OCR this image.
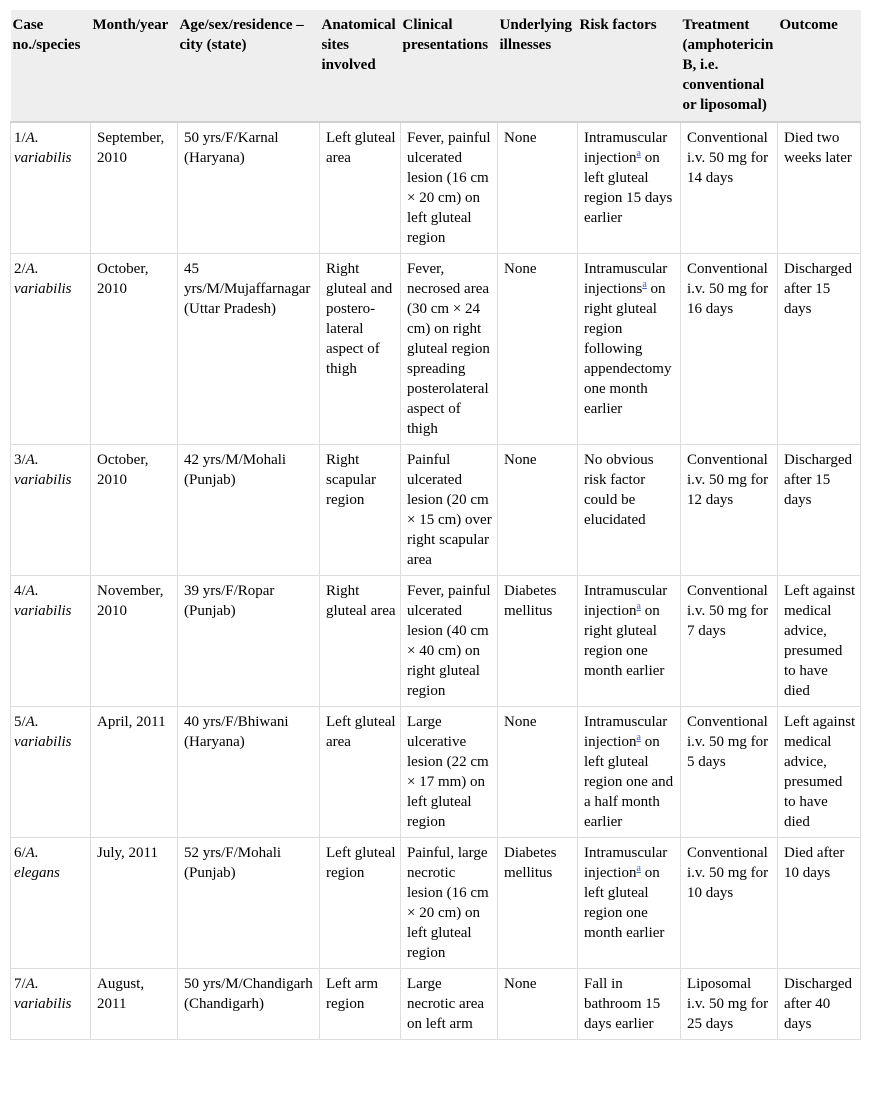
Case no./species	Month/year	Age/sex/residence – city (state)	Anatomical sites involved	Clinical presentations	Underlying illnesses	Risk factors	Treatment (amphotericin B, i.e. conventional or liposomal)	Outcome
1/A. variabilis	September, 2010	50 yrs/F/Karnal (Haryana)	Left gluteal area	Fever, painful ulcerated lesion (16 cm × 20 cm) on left gluteal region	None	Intramuscular injection$^a$ on left gluteal region 15 days earlier	Conventional i.v. 50 mg for 14 days	Died two weeks later
2/A. variabilis	October, 2010	45 yrs/M/Mujaffarnagar (Uttar Pradesh)	Right gluteal and postero-lateral aspect of thigh	Fever, necrosed area (30 cm × 24 cm) on right gluteal region spreading posterolateral aspect of thigh	None	Intramuscular injections$^a$ on right gluteal region following appendectomy one month earlier	Conventional i.v. 50 mg for 16 days	Discharged after 15 days
3/A. variabilis	October, 2010	42 yrs/M/Mohali (Punjab)	Right scapular region	Painful ulcerated lesion (20 cm × 15 cm) over right scapular area	None	No obvious risk factor could be elucidated	Conventional i.v. 50 mg for 12 days	Discharged after 15 days
4/A. variabilis	November, 2010	39 yrs/F/Ropar (Punjab)	Right gluteal area	Fever, painful ulcerated lesion (40 cm × 40 cm) on right gluteal region	Diabetes mellitus	Intramuscular injection$^a$ on right gluteal region one month earlier	Conventional i.v. 50 mg for 7 days	Left against medical advice, presumed to have died
5/A. variabilis	April, 2011	40 yrs/F/Bhiwani (Haryana)	Left gluteal area	Large ulcerative lesion (22 cm × 17 mm) on left gluteal region	None	Intramuscular injection$^a$ on left gluteal region one and a half month earlier	Conventional i.v. 50 mg for 5 days	Left against medical advice, presumed to have died
6/A. elegans	July, 2011	52 yrs/F/Mohali (Punjab)	Left gluteal region	Painful, large necrotic lesion (16 cm × 20 cm) on left gluteal region	Diabetes mellitus	Intramuscular injection$^a$ on left gluteal region one month earlier	Conventional i.v. 50 mg for 10 days	Died after 10 days
7/A. variabilis	August, 2011	50 yrs/M/Chandigarh (Chandigarh)	Left arm region	Large necrotic area on left arm	None	Fall in bathroom 15 days earlier	Liposomal i.v. 50 mg for 25 days	Discharged after 40 days
